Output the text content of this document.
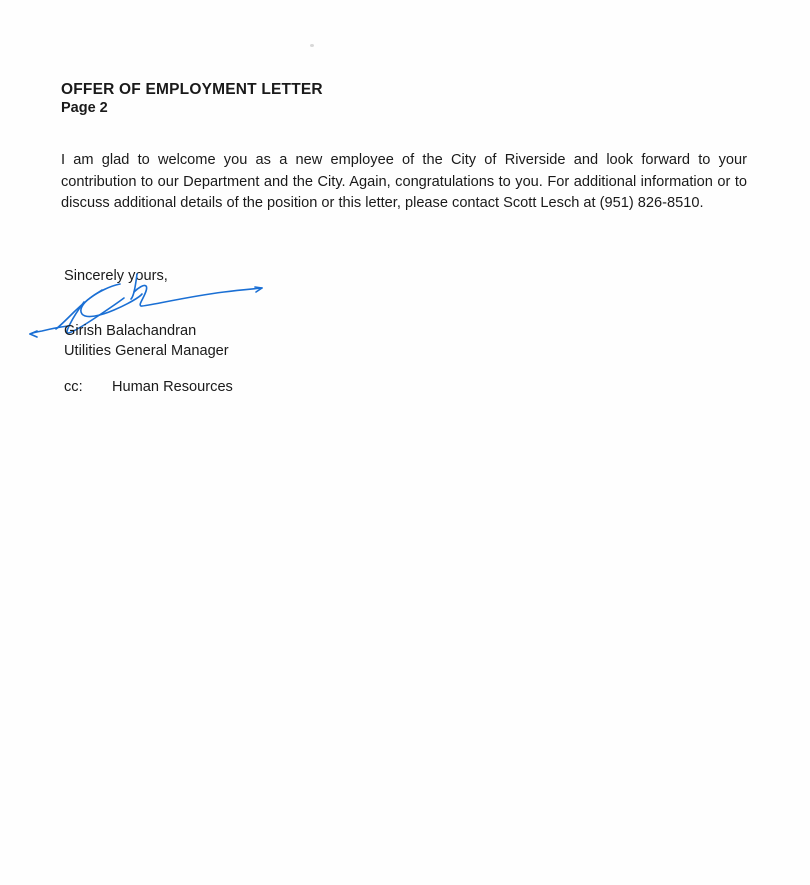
OFFER OF EMPLOYMENT LETTER

Page 2

I am glad to welcome you as a new employee of the City of Riverside and look forward to your contribution to our Department and the City. Again, congratulations to you. For additional information or to discuss additional details of the position or this letter, please contact Scott Lesch at (951) 826-8510.
Sincerely yours,

Girish Balachandran

Utilities General Manager

cc:	Human Resources
